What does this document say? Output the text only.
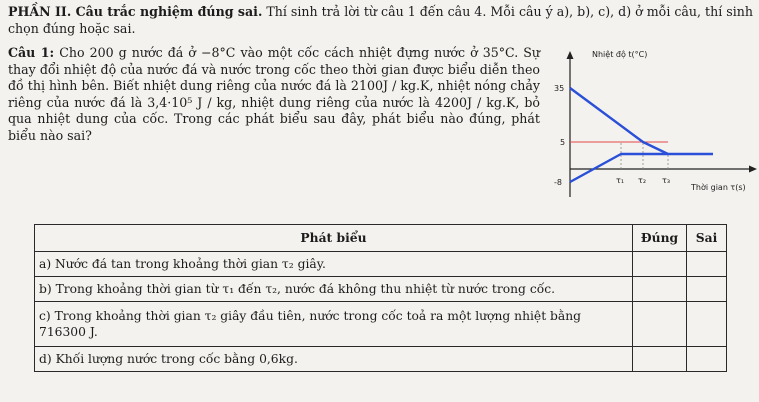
PHẦN II. Câu trắc nghiệm đúng sai. Thí sinh trả lời từ câu 1 đến câu 4. Mỗi câu ý a), b), c), d) ở mỗi câu, thí sinh chọn đúng hoặc sai.
Câu 1: Cho 200 g nước đá ở −8°C vào một cốc cách nhiệt đựng nước ở 35°C. Sự thay đổi nhiệt độ của nước đá và nước trong cốc theo thời gian được biểu diễn theo đồ thị hình bên. Biết nhiệt dung riêng của nước đá là 2100J / kg.K, nhiệt nóng chảy riêng của nước đá là 3,4·10⁵ J / kg, nhiệt dung riêng của nước là 4200J / kg.K, bỏ qua nhiệt dung của cốc. Trong các phát biểu sau đây, phát biểu nào đúng, phát biểu nào sai?
Nhiệt độ t(°C)
Thời gian τ(s)
35
5
-8	τ₁ τ₂ τ₃
Phát biểu	Đúng	Sai
a) Nước đá tan trong khoảng thời gian τ₂ giây.		
b) Trong khoảng thời gian từ τ₁ đến τ₂, nước đá không thu nhiệt từ nước trong cốc.		
c) Trong khoảng thời gian τ₂ giây đầu tiên, nước trong cốc toả ra một lượng nhiệt bằng 716300 J.		
d) Khối lượng nước trong cốc bằng 0,6kg.		
